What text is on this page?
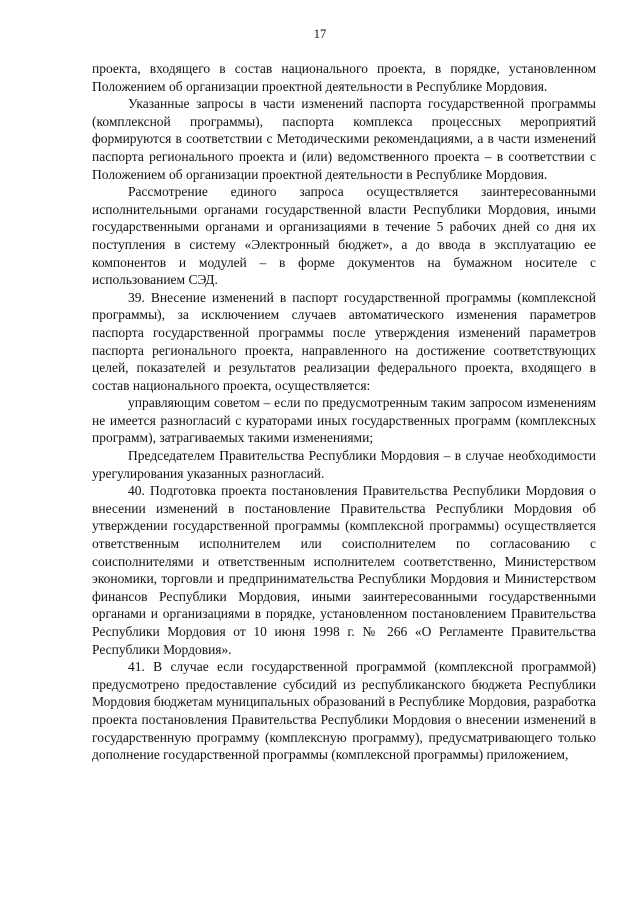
17

проекта, входящего в состав национального проекта, в порядке, установленном Положением об организации проектной деятельности в Республике Мордовия.

Указанные запросы в части изменений паспорта государственной программы (комплексной программы), паспорта комплекса процессных мероприятий формируются в соответствии с Методическими рекомендациями, а в части изменений паспорта регионального проекта и (или) ведомственного проекта – в соответствии с Положением об организации проектной деятельности в Республике Мордовия.

Рассмотрение единого запроса осуществляется заинтересованными исполнительными органами государственной власти Республики Мордовия, иными государственными органами и организациями в течение 5 рабочих дней со дня их поступления в систему «Электронный бюджет», а до ввода в эксплуатацию ее компонентов и модулей – в форме документов на бумажном носителе с использованием СЭД.

39. Внесение изменений в паспорт государственной программы (комплексной программы), за исключением случаев автоматического изменения параметров паспорта государственной программы после утверждения изменений параметров паспорта регионального проекта, направленного на достижение соответствующих целей, показателей и результатов реализации федерального проекта, входящего в состав национального проекта, осуществляется:

управляющим советом – если по предусмотренным таким запросом изменениям не имеется разногласий с кураторами иных государственных программ (комплексных программ), затрагиваемых такими изменениями;

Председателем Правительства Республики Мордовия – в случае необходимости урегулирования указанных разногласий.

40. Подготовка проекта постановления Правительства Республики Мордовия о внесении изменений в постановление Правительства Республики Мордовия об утверждении государственной программы (комплексной программы) осуществляется ответственным исполнителем или соисполнителем по согласованию с соисполнителями и ответственным исполнителем соответственно, Министерством экономики, торговли и предпринимательства Республики Мордовия и Министерством финансов Республики Мордовия, иными заинтересованными государственными органами и организациями в порядке, установленном постановлением Правительства Республики Мордовия от 10 июня 1998 г. № 266 «О Регламенте Правительства Республики Мордовия».

41. В случае если государственной программой (комплексной программой) предусмотрено предоставление субсидий из республиканского бюджета Республики Мордовия бюджетам муниципальных образований в Республике Мордовия, разработка проекта постановления Правительства Республики Мордовия о внесении изменений в государственную программу (комплексную программу), предусматривающего только дополнение государственной программы (комплексной программы) приложением,
